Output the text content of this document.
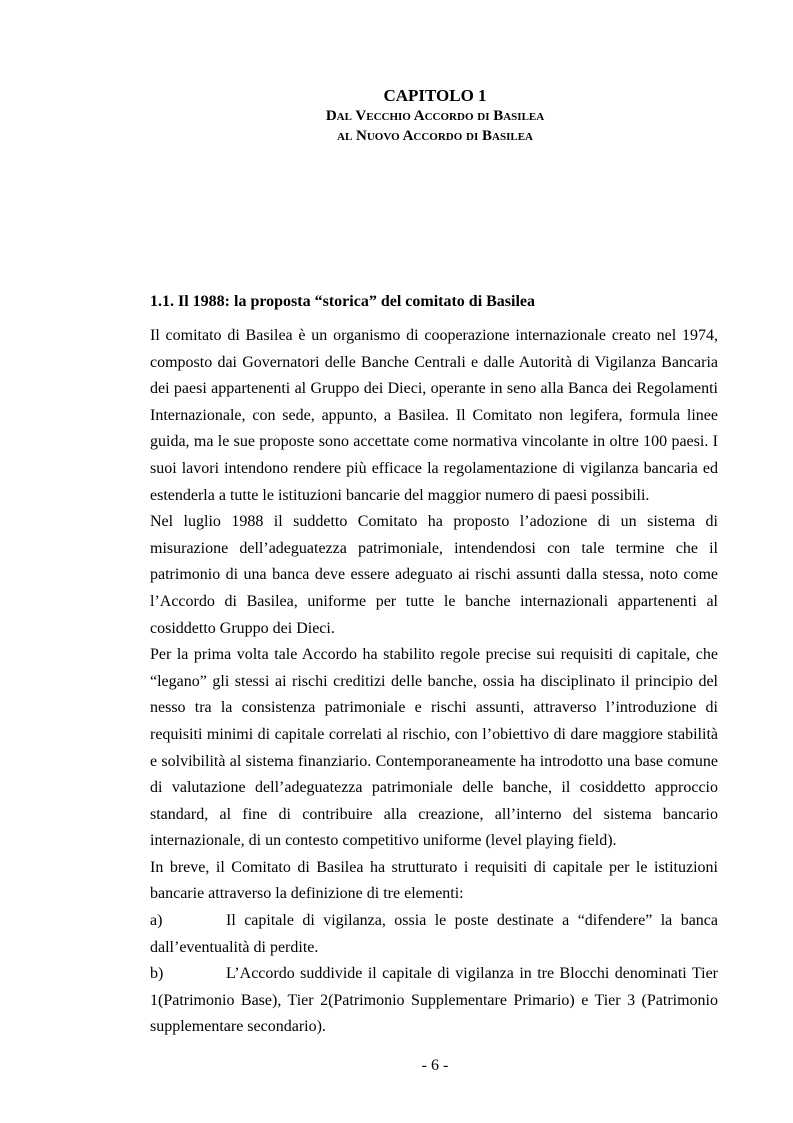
CAPITOLO 1

Dal Vecchio Accordo di Basilea

al Nuovo Accordo di Basilea

1.1. Il 1988: la proposta “storica” del comitato di Basilea

Il comitato di Basilea è un organismo di cooperazione internazionale creato nel 1974, composto dai Governatori delle Banche Centrali e dalle Autorità di Vigilanza Bancaria dei paesi appartenenti al Gruppo dei Dieci, operante in seno alla Banca dei Regolamenti Internazionale, con sede, appunto, a Basilea. Il Comitato non legifera, formula linee guida, ma le sue proposte sono accettate come normativa vincolante in oltre 100 paesi. I suoi lavori intendono rendere più efficace la regolamentazione di vigilanza bancaria ed estenderla a tutte le istituzioni bancarie del maggior numero di paesi possibili.

Nel luglio 1988 il suddetto Comitato ha proposto l’adozione di un sistema di misurazione dell’adeguatezza patrimoniale, intendendosi con tale termine che il patrimonio di una banca deve essere adeguato ai rischi assunti dalla stessa, noto come l’Accordo di Basilea, uniforme per tutte le banche internazionali appartenenti al cosiddetto Gruppo dei Dieci.

Per la prima volta tale Accordo ha stabilito regole precise sui requisiti di capitale, che “legano” gli stessi ai rischi creditizi delle banche, ossia ha disciplinato il principio del nesso tra la consistenza patrimoniale e rischi assunti, attraverso l’introduzione di requisiti minimi di capitale correlati al rischio, con l’obiettivo di dare maggiore stabilità e solvibilità al sistema finanziario. Contemporaneamente ha introdotto una base comune di valutazione dell’adeguatezza patrimoniale delle banche, il cosiddetto approccio standard, al fine di contribuire alla creazione, all’interno del sistema bancario internazionale, di un contesto competitivo uniforme (level playing field).

In breve, il Comitato di Basilea ha strutturato i requisiti di capitale per le istituzioni bancarie attraverso la definizione di tre elementi:

a)	Il capitale di vigilanza, ossia le poste destinate a “difendere” la banca dall’eventualità di perdite.

b)	L’Accordo suddivide il capitale di vigilanza in tre Blocchi denominati Tier 1(Patrimonio Base), Tier 2(Patrimonio Supplementare Primario) e Tier 3 (Patrimonio supplementare secondario).

- 6 -
